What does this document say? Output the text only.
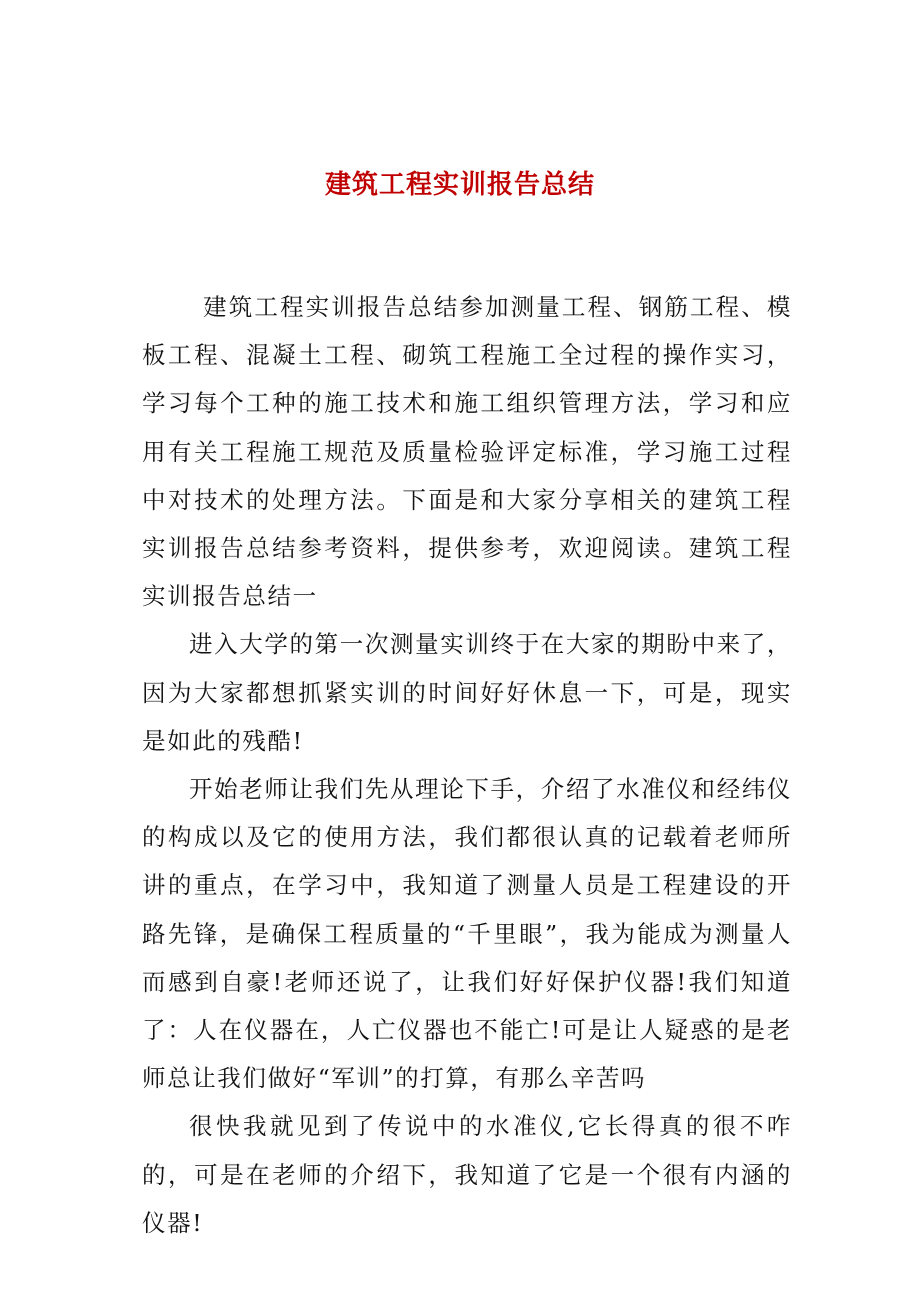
建筑工程实训报告总结

建筑工程实训报告总结参加测量工程、钢筋工程、模板工程、混凝土工程、砌筑工程施工全过程的操作实习，学习每个工种的施工技术和施工组织管理方法，学习和应用有关工程施工规范及质量检验评定标准，学习施工过程中对技术的处理方法。下面是和大家分享相关的建筑工程实训报告总结参考资料，提供参考，欢迎阅读。建筑工程实训报告总结一

进入大学的第一次测量实训终于在大家的期盼中来了，因为大家都想抓紧实训的时间好好休息一下，可是，现实是如此的残酷!

开始老师让我们先从理论下手，介绍了水准仪和经纬仪的构成以及它的使用方法，我们都很认真的记载着老师所讲的重点，在学习中，我知道了测量人员是工程建设的开路先锋，是确保工程质量的“千里眼”，我为能成为测量人而感到自豪!老师还说了，让我们好好保护仪器!我们知道了：人在仪器在，人亡仪器也不能亡!可是让人疑惑的是老师总让我们做好“军训”的打算，有那么辛苦吗

很快我就见到了传说中的水准仪,它长得真的很不咋的，可是在老师的介绍下，我知道了它是一个很有内涵的仪器!
